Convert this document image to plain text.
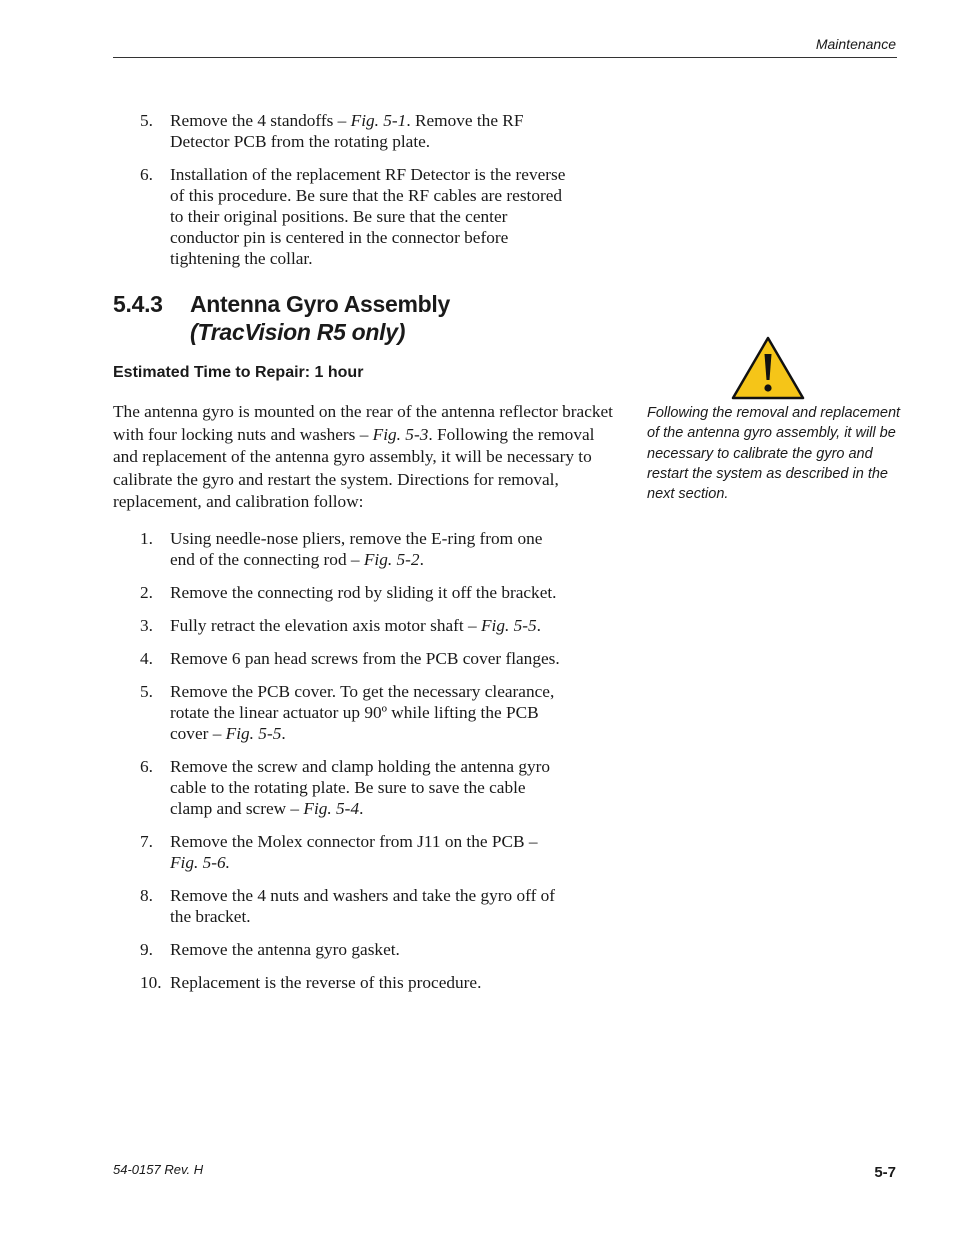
Maintenance
5. Remove the 4 standoffs – Fig. 5-1. Remove the RF Detector PCB from the rotating plate.
6. Installation of the replacement RF Detector is the reverse of this procedure. Be sure that the RF cables are restored to their original positions. Be sure that the center conductor pin is centered in the connector before tightening the collar.
5.4.3 Antenna Gyro Assembly
(TracVision R5 only)
Estimated Time to Repair: 1 hour

The antenna gyro is mounted on the rear of the antenna reflector bracket with four locking nuts and washers – Fig. 5-3. Following the removal and replacement of the antenna gyro assembly, it will be necessary to calibrate the gyro and restart the system. Directions for removal, replacement, and calibration follow:

1. Using needle-nose pliers, remove the E-ring from one end of the connecting rod – Fig. 5-2.
2. Remove the connecting rod by sliding it off the bracket.
3. Fully retract the elevation axis motor shaft – Fig. 5-5.
4. Remove 6 pan head screws from the PCB cover flanges.
5. Remove the PCB cover. To get the necessary clearance, rotate the linear actuator up 90º while lifting the PCB cover – Fig. 5-5.
6. Remove the screw and clamp holding the antenna gyro cable to the rotating plate. Be sure to save the cable clamp and screw – Fig. 5-4.
7. Remove the Molex connector from J11 on the PCB – Fig. 5-6.
8. Remove the 4 nuts and washers and take the gyro off of the bracket.
9. Remove the antenna gyro gasket.
10. Replacement is the reverse of this procedure.
Following the removal and replacement of the antenna gyro assembly, it will be necessary to calibrate the gyro and restart the system as described in the next section.
54-0157 Rev. H	5-7
